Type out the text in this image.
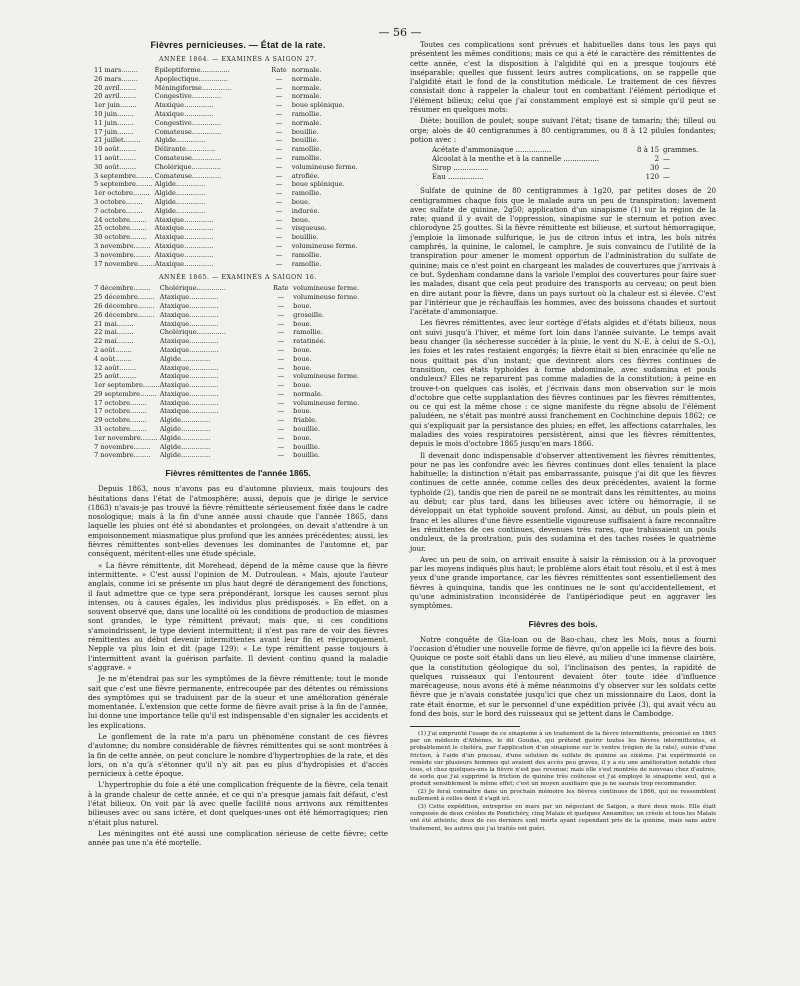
— 56 —
Fièvres pernicieuses. — État de la rate.
ANNÉE 1864. — EXAMINÉS A SAIGON 27.
11 mars........	Épileptiforme..............	Rate	normale.
26 mars........	Apoplectique..............	—	normale.
20 avril........	Méningiforme..............	—	normale.
20 avril........	Congestive..............	—	normale.
1er juin........	Ataxique..............	—	boue splénique.
10 juin........	Ataxique..............	—	ramollie.
11 juin........	Congestive..............	—	normale.
17 juin........	Comateuse..............	—	bouillie.
21 juillet........	Algide..............	—	bouillie.
10 août........	Délirante..............	—	ramollie.
11 août........	Comateuse..............	—	ramollie.
30 août........	Cholérique..............	—	volumineuse ferme.
3 septembre........	Comateuse..............	—	atrofiée.
5 septembre........	Algide..............	—	boue splénique.
1er octobre........	Algide..............	—	ramollie.
3 octobre........	Algide..............	—	boue.
7 octobre........	Algide..............	—	indurée.
24 octobre........	Ataxique..............	—	boue.
25 octobre........	Ataxique..............	—	visqueuse.
30 octobre........	Ataxique..............	—	bouillie.
3 novembre........	Ataxique..............	—	volumineuse ferme.
3 novembre........	Ataxique..............	—	ramollie.
17 novembre........	Ataxique..............	—	ramollie.
ANNÉE 1865. — EXAMINÉS A SAIGON 16.
7 décembre........	Cholérique..............	Rate	volumineuse ferme.
25 décembre........	Ataxique..............	—	volumineuse ferme.
26 décembre........	Ataxique..............	—	boue.
26 décembre........	Ataxique..............	—	groseille.
21 mai........	Ataxique..............	—	boue.
22 mai........	Cholérique..............	—	ramollie.
22 mai........	Ataxique..............	—	ratatinée.
2 août........	Ataxique..............	—	boue.
4 août........	Algide..............	—	boue.
12 août........	Ataxique..............	—	boue.
25 août........	Ataxique..............	—	volumineuse ferme.
1er septembre........	Ataxique..............	—	boue.
29 septembre........	Ataxique..............	—	normale.
17 octobre........	Ataxique..............	—	volumineuse ferme.
17 octobre........	Ataxique..............	—	boue.
29 octobre........	Algide..............	—	friable.
31 octobre........	Algide..............	—	bouillie.
1er novembre........	Algide..............	—	boue.
7 novembre........	Algide..............	—	bouillie.
7 novembre........	Algide..............	—	bouillie.
Fièvres rémittentes de l'année 1865.

Depuis 1863, nous n'avons pas eu d'automne pluvieux, mais toujours des hésitations dans l'état de l'atmosphère; aussi, depuis que je dirige le service (1863) n'avais-je pas trouvé la fièvre rémittente sérieusement fixée dans le cadre nosologique; mais à la fin d'une année aussi chaude que l'année 1865, dans laquelle les pluies ont été si abondantes et prolongées, on devait s'attendre à un empoisonnement miasmatique plus profond que les années précédentes; aussi, les fièvres rémittentes sont-elles devenues les dominantes de l'automne et, par conséquent, méritent-elles une étude spéciale.

« La fièvre rémittente, dit Morehead, dépend de la même cause que la fièvre intermittente. » C'est aussi l'opinion de M. Dutroulean. « Mais, ajoute l'auteur anglais, comme ici se présente un plus haut degré de dérangement des fonctions, il faut admettre que ce type sera prépondérant, lorsque les causes seront plus intenses, ou à causes égales, les individus plus prédisposés. » En effet, on a souvent observé que, dans une localité où les conditions de production de miasmes sont grandes, le type rémittent prévaut; mais que, si ces conditions s'amoindrissent, le type devient intermittent; il n'est pas rare de voir des fièvres rémittentes au début devenir intermittentes avant leur fin et réciproquement. Nepple va plus loin et dit (page 129): « Le type rémittent passe toujours à l'intermittent avant la guérison parfaite. Il devient continu quand la maladie s'aggrave. »

Je ne m'étendrai pas sur les symptômes de la fièvre rémittente; tout le monde sait que c'est une fièvre permanente, entrecoupée par des détentes ou rémissions des symptômes qui se traduisent par de la sueur et une amélioration générale momentanée. L'extension que cette forme de fièvre avait prise à la fin de l'année, lui donne une importance telle qu'il est indispensable d'en signaler les accidents et les explications.

Le gonflement de la rate m'a paru un phénomène constant de ces fièvres d'automne; du nombre considérable de fièvres rémittentes qui se sont montrées à la fin de cette année, on peut conclure le nombre d'hypertrophies de la rate, et dès lors, on n'a qu'à s'étonner qu'il n'y ait pas eu plus d'hydropisies et d'accès pernicieux à cette époque.

L'hypertrophie du foie a été une complication fréquente de la fièvre, cela tenait à la grande chaleur de cette année, et ce qui n'a presque jamais fait défaut, c'est l'état bilieux. On voit par là avec quelle facilité nous arrivons aux rémittentes bilieuses avec ou sans ictère, et dont quelques-unes ont été hémorragiques; rien n'était plus naturel.

Les méningites ont été aussi une complication sérieuse de cette fièvre; cette année pas une n'a été mortelle.

Toutes ces complications sont prévues et habituelles dans tous les pays qui présentent les mêmes conditions; mais ce qui a été le caractère des rémittentes de cette année, c'est la disposition à l'algidité qui en a presque toujours été inséparable; quelles que fussent leurs autres complications, on se rappelle que l'algidité était le fond de la constitution médicale. Le traitement de ces fièvres consistait donc à rappeler la chaleur tout en combattant l'élément périodique et l'élément bilieux; celui que j'ai constamment employé est si simple qu'il peut se résumer en quelques mots:

Diète; bouillon de poulet; soupe suivant l'état; tisane de tamarin; thé; tilleul ou orge; aloès de 40 centigrammes à 80 centigrammes, ou 8 à 12 pilules fondantes; potion avec :

Acétate d'ammoniaque ................	8 à 15	grammes.
Alcoolat à la menthe et à la cannelle ................	2	—
Sirop ................	30	—
Eau ................	120	—

Sulfate de quinine de 80 centigrammes à 1g20, par petites doses de 20 centigrammes chaque fois que le malade aura un peu de transpiration; lavement avec sulfate de quinine, 2g50; application d'un sinapisme (1) sur la région de la rate; quand il y avait de l'oppression, sinapisme sur le sternum et potion avec chlorodyne 25 gouttes. Si la fièvre rémittente est bilieuse, et surtout hémorragique, j'emploie la limonade sulfurique, le jus de citron intus et intra, les bols nitrés camphrés, la quinine, le calomel, le camphre. Je suis convaincu de l'utilité de la transpiration pour amener le moment opportun de l'administration du sulfate de quinine; mais ce n'est point en chargeant les malades de couvertures que j'arrivais à ce but. Sydenham condamne dans la variole l'emploi des couvertures pour faire suer les malades, disant que cela peut produire des transports au cerveau; on peut bien en dire autant pour la fièvre, dans un pays surtout où la chaleur est si élevée. C'est par l'intérieur que je réchauffais les hommes, avec des boissons chaudes et surtout l'acétate d'ammoniaque.

Les fièvres rémittentes, avec leur cortège d'états algides et d'états bilieux, nous ont suivi jusqu'à l'hiver, et même fort loin dans l'année suivante. Le temps avait beau changer (la sécheresse succéder à la pluie, le vent du N.-E. à celui de S.-O.), les foies et les rates restaient engorgés; la fièvre était si bien enracinée qu'elle ne nous quittait pas d'un instant; que devinrent alors ces fièvres continues de transition, ces états typhoïdes à forme abdominale, avec sudamina et pouls onduleux? Elles ne reparurent pas comme maladies de la constitution; à peine en trouve-t-on quelques cas isolés, et j'écrivais dans mon observation sur le mois d'octobre que cette supplantation des fièvres continues par les fièvres rémittentes, ou ce qui est la même chose : ce signe manifeste du règne absolu de l'élément paludéen, ne s'était pas montré aussi franchement en Cochinchine depuis 1862; ce qui s'expliquait par la persistance des pluies; en effet, les affections catarrhales, les maladies des voies respiratoires persistèrent, ainsi que les fièvres rémittentes, depuis le mois d'octobre 1865 jusqu'en mars 1866.

Il devenait donc indispensable d'observer attentivement les fièvres rémittentes, pour ne pas les confondre avec les fièvres continues dont elles tenaient la place habituelle; la distinction n'était pas embarrassante, puisque j'ai dit que les fièvres continues de cette année, comme celles des deux précédentes, avaient la forme typhoïde (2), tandis que rien de pareil ne se montrait dans les rémittentes, au moins au début; car plus tard, dans les bilieuses avec ictère ou hémorragie, il se développait un état typhoïde souvent profond. Ainsi, au début, un pouls plein et franc et les allures d'une fièvre essentielle vigoureuse suffisaient à faire reconnaître les rémittentes de ces continues, devenues très rares, que trahissaient un pouls onduleux, de la prostration, puis des sudamina et des taches rosées le quatrième jour.

Avec un peu de soin, on arrivait ensuite à saisir la rémission ou à la provoquer par les moyens indiqués plus haut; le problème alors était tout résolu, et il est à mes yeux d'une grande importance, car les fièvres rémittentes sont essentiellement des fièvres à quinquina, tandis que les continues ne le sont qu'accidentellement, et qu'une administration inconsidérée de l'antipériodique peut en aggraver les symptômes.

Fièvres des bois.

Notre conquête de Gia-loan ou de Bao-chau, chez les Moïs, nous a fourni l'occasion d'étudier une nouvelle forme de fièvre, qu'on appelle ici la fièvre des bois. Quoique ce poste soit établi dans un lieu élevé, au milieu d'une immense clairière, que la constitution géologique du sol, l'inclinaison des pentes, la rapidité de quelques ruisseaux qui l'entourent devaient ôter toute idée d'influence marécageuse, nous avons été à même néanmoins d'y observer sur les soldats cette fièvre que je n'avais constatée jusqu'ici que chez un missionnaire du Laos, dont la rate était énorme, et sur le personnel d'une expédition privée (3), qui avait vécu au fond des bois, sur le bord des ruisseaux qui se jettent dans le Cambodge.

(1) J'ai emprunté l'usage de ce sinapisme à un traitement de la fièvre intermittente, préconisé en 1865 par un médecin d'Athènes, le dit Goudas, qui prétend guérir toutes les fièvres intermittentes, et probablement le choléra, par l'application d'un sinapisme sur le ventre (région de la rate), suivie d'une friction, à l'aide d'un pinceau, d'une solution de sulfate de quinine au sixième. J'ai expérimenté ce remède sur plusieurs hommes qui avaient des accès peu graves, il y a eu une amélioration notable chez tous, et chez quelques-uns la fièvre n'est pas revenue; mais elle s'est montrée de nouveau chez d'autres, de sorte que j'ai supprimé la friction de quinine très coûteuse et j'ai employé le sinapisme seul, qui a produit sensiblement le même effet; c'est un moyen auxiliaire que je ne saurais trop recommander.

(2) Je ferai connaître dans un prochain mémoire les fièvres continues de 1866, qui ne ressemblent nullement à celles dont il s'agit ici.

(3) Cette expédition, entreprise en mars par un négociant de Saigon, a duré deux mois. Elle était composée de deux créoles de Pondichéry, cinq Malais et quelques Annamites; un créole et tous les Malais ont été atteints; deux de ces derniers sont morts ayant cependant pris de la quinine, mais sans autre traitement, les autres que j'ai traités ont guéri.
